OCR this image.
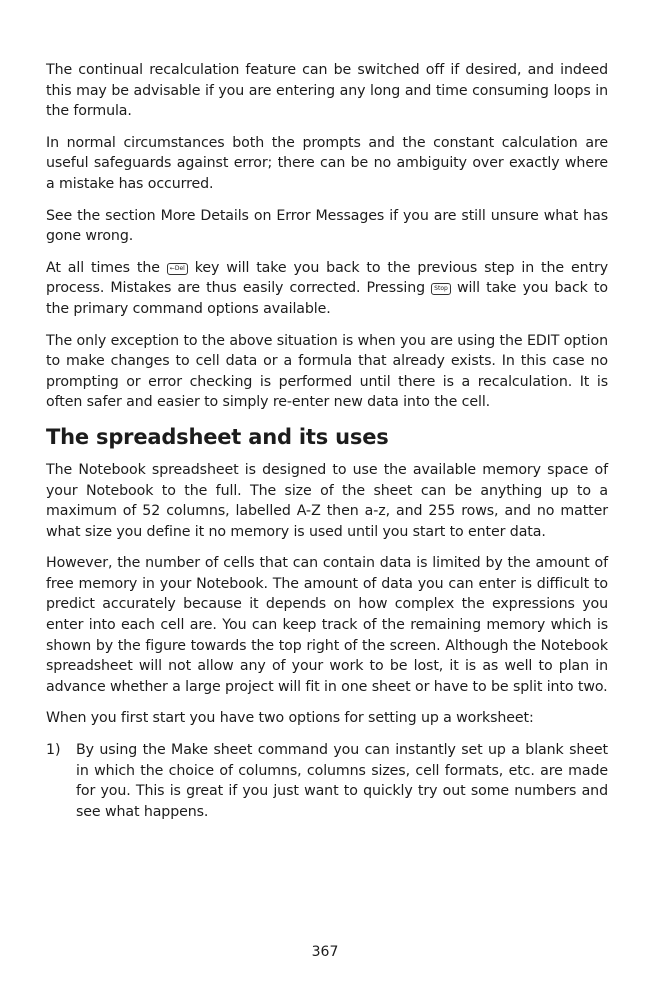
The continual recalculation feature can be switched off if desired, and indeed this may be advisable if you are entering any long and time consuming loops in the formula.

In normal circumstances both the prompts and the constant calculation are useful safeguards against error; there can be no ambiguity over exactly where a mistake has occurred.

See the section More Details on Error Messages if you are still unsure what has gone wrong.

At all times the ←Del key will take you back to the previous step in the entry process. Mistakes are thus easily corrected. Pressing Stop will take you back to the primary command options available.

The only exception to the above situation is when you are using the EDIT option to make changes to cell data or a formula that already exists. In this case no prompting or error checking is performed until there is a recalculation. It is often safer and easier to simply re-enter new data into the cell.

The spreadsheet and its uses

The Notebook spreadsheet is designed to use the available memory space of your Notebook to the full. The size of the sheet can be anything up to a maximum of 52 columns, labelled A-Z then a-z, and 255 rows, and no matter what size you define it no memory is used until you start to enter data.

However, the number of cells that can contain data is limited by the amount of free memory in your Notebook. The amount of data you can enter is difficult to predict accurately because it depends on how complex the expressions you enter into each cell are. You can keep track of the remaining memory which is shown by the figure towards the top right of the screen. Although the Notebook spreadsheet will not allow any of your work to be lost, it is as well to plan in advance whether a large project will fit in one sheet or have to be split into two.

When you first start you have two options for setting up a worksheet:

1)	By using the Make sheet command you can instantly set up a blank sheet in which the choice of columns, columns sizes, cell formats, etc. are made for you. This is great if you just want to quickly try out some numbers and see what happens.

367
